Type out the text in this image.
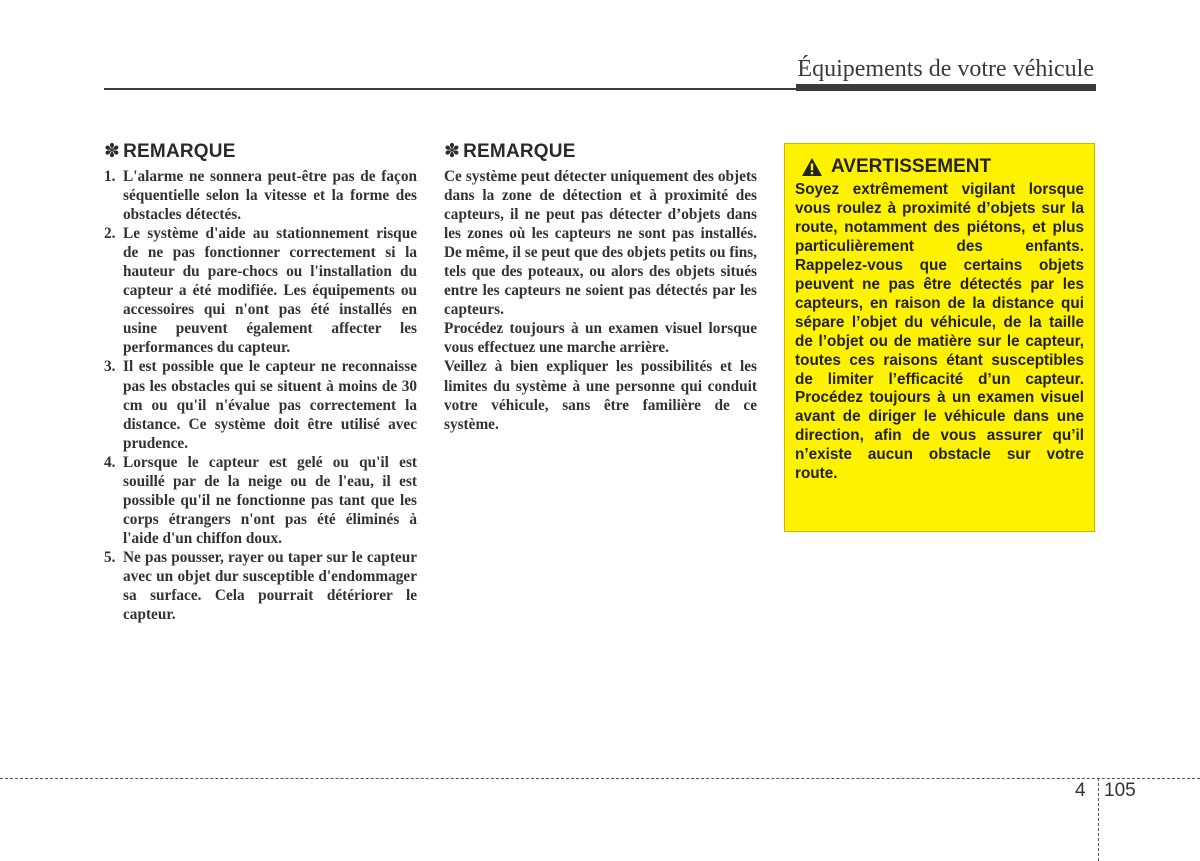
Équipements de votre véhicule
✽ REMARQUE
1. L'alarme ne sonnera peut-être pas de façon séquentielle selon la vitesse et la forme des obstacles détectés.
2. Le système d'aide au stationnement risque de ne pas fonctionner correctement si la hauteur du pare-chocs ou l'installation du capteur a été modifiée. Les équipements ou accessoires qui n'ont pas été installés en usine peuvent également affecter les performances du capteur.
3. Il est possible que le capteur ne reconnaisse pas les obstacles qui se situent à moins de 30 cm ou qu'il n'évalue pas correctement la distance. Ce système doit être utilisé avec prudence.
4. Lorsque le capteur est gelé ou qu'il est souillé par de la neige ou de l'eau, il est possible qu'il ne fonctionne pas tant que les corps étrangers n'ont pas été éliminés à l'aide d'un chiffon doux.
5. Ne pas pousser, rayer ou taper sur le capteur avec un objet dur susceptible d'endommager sa surface. Cela pourrait détériorer le capteur.
✽ REMARQUE
Ce système peut détecter uniquement des objets dans la zone de détection et à proximité des capteurs, il ne peut pas détecter d’objets dans les zones où les capteurs ne sont pas installés. De même, il se peut que des objets petits ou fins, tels que des poteaux, ou alors des objets situés entre les capteurs ne soient pas détectés par les capteurs.
Procédez toujours à un examen visuel lorsque vous effectuez une marche arrière.
Veillez à bien expliquer les possibilités et les limites du système à une personne qui conduit votre véhicule, sans être familière de ce système.
AVERTISSEMENT
Soyez extrêmement vigilant lorsque vous roulez à proximité d’objets sur la route, notamment des piétons, et plus particulièrement des enfants. Rappelez-vous que certains objets peuvent ne pas être détectés par les capteurs, en raison de la distance qui sépare l’objet du véhicule, de la taille de l’objet ou de matière sur le capteur, toutes ces raisons étant susceptibles de limiter l’efficacité d’un capteur. Procédez toujours à un examen visuel avant de diriger le véhicule dans une direction, afin de vous assurer qu’il n’existe aucun obstacle sur votre route.
4 105
